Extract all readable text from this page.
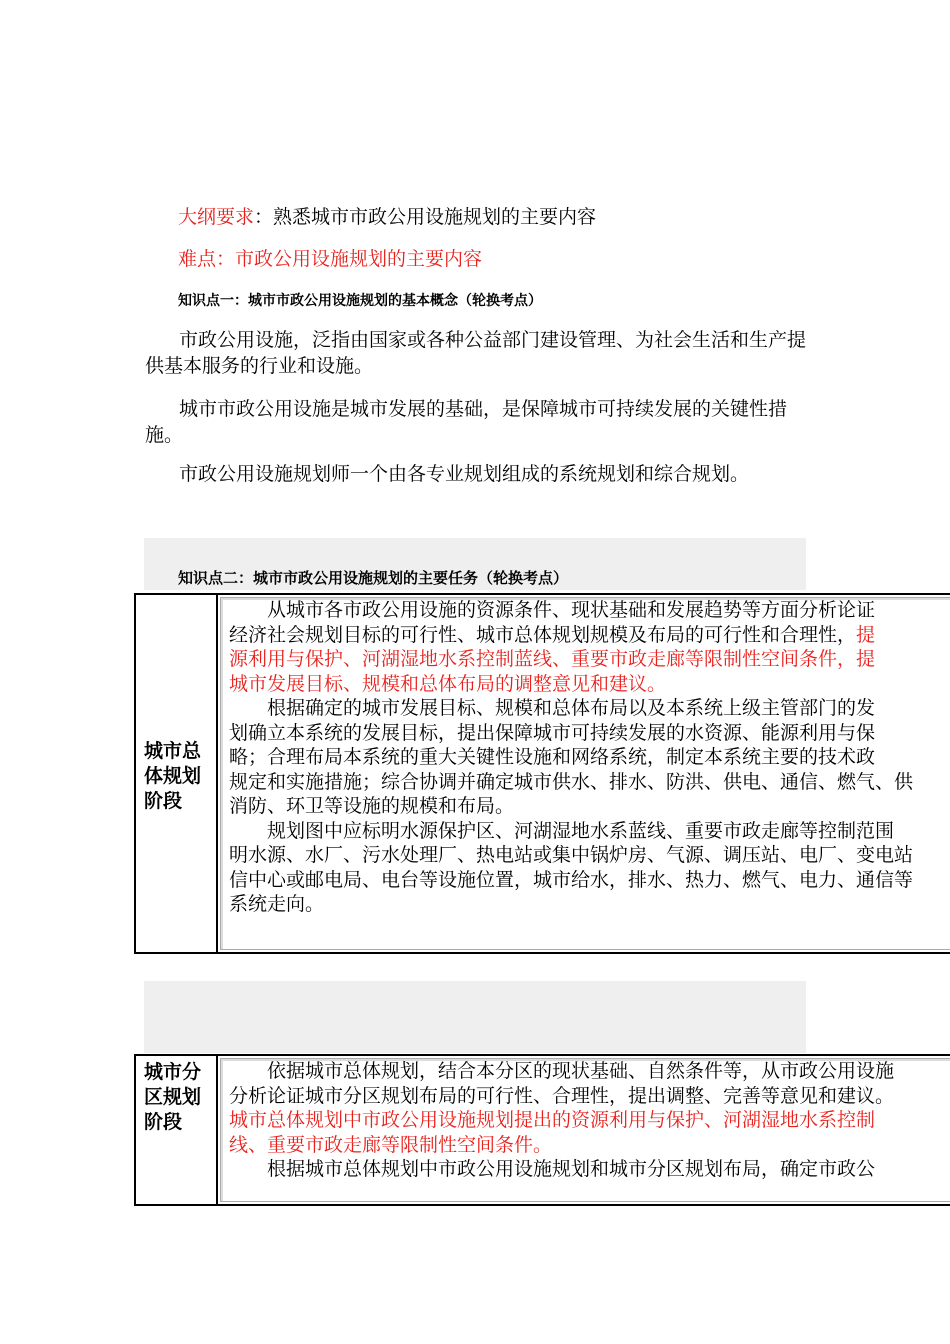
大纲要求：熟悉城市市政公用设施规划的主要内容
难点：市政公用设施规划的主要内容
知识点一：城市市政公用设施规划的基本概念（轮换考点）

市政公用设施，泛指由国家或各种公益部门建设管理、为社会生活和生产提供基本服务的行业和设施。

城市市政公用设施是城市发展的基础，是保障城市可持续发展的关键性措施。

市政公用设施规划师一个由各专业规划组成的系统规划和综合规划。

知识点二：城市市政公用设施规划的主要任务（轮换考点）
城市总体规划阶段

　　从城市各市政公用设施的资源条件、现状基础和发展趋势等方面分析论证

经济社会规划目标的可行性、城市总体规划规模及布局的可行性和合理性，提

源利用与保护、河湖湿地水系控制蓝线、重要市政走廊等限制性空间条件，提

城市发展目标、规模和总体布局的调整意见和建议。

　　根据确定的城市发展目标、规模和总体布局以及本系统上级主管部门的发

划确立本系统的发展目标，提出保障城市可持续发展的水资源、能源利用与保

略；合理布局本系统的重大关键性设施和网络系统，制定本系统主要的技术政

规定和实施措施；综合协调并确定城市供水、排水、防洪、供电、通信、燃气、供

消防、环卫等设施的规模和布局。

　　规划图中应标明水源保护区、河湖湿地水系蓝线、重要市政走廊等控制范围

明水源、水厂、污水处理厂、热电站或集中锅炉房、气源、调压站、电厂、变电站

信中心或邮电局、电台等设施位置，城市给水，排水、热力、燃气、电力、通信等

系统走向。

城市分区规划阶段

　　依据城市总体规划，结合本分区的现状基础、自然条件等，从市政公用设施

分析论证城市分区规划布局的可行性、合理性，提出调整、完善等意见和建议。

城市总体规划中市政公用设施规划提出的资源利用与保护、河湖湿地水系控制

线、重要市政走廊等限制性空间条件。

　　根据城市总体规划中市政公用设施规划和城市分区规划布局，确定市政公
